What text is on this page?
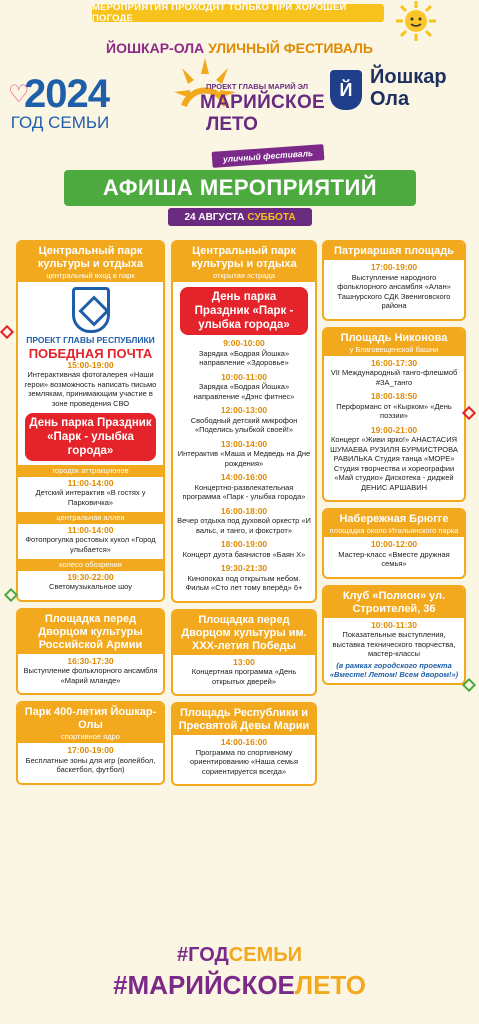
МЕРОПРИЯТИЯ ПРОХОДЯТ ТОЛЬКО ПРИ ХОРОШЕЙ ПОГОДЕ
ЙОШКАР-ОЛА УЛИЧНЫЙ ФЕСТИВАЛЬ
♡
2024
ГОД СЕМЬИ
ПРОЕКТ ГЛАВЫ МАРИЙ ЭЛ
МАРИЙСКОЕ
ЛЕТО
уличный фестиваль
Й
Йошкар
Ола
АФИША МЕРОПРИЯТИЙ
24 АВГУСТА СУББОТА
Центральный парк культуры и отдыха
центральный вход в парк
ПРОЕКТ ГЛАВЫ РЕСПУБЛИКИ
ПОБЕДНАЯ ПОЧТА
15:00-19:00
Интерактивная фотогалерея «Наши герои» возможность написать письмо землякам, принимающим участие в зоне проведения СВО
День парка Праздник «Парк - улыбка города»
городок аттракционов
11:00-14:00
Детский интерактив «В гостях у Парковичка»
центральная аллея
11:00-14:00
Фотопрогулка ростовых кукол «Город улыбается»
колесо обозрения
19:30-22:00
Светомузыкальное шоу
Площадка перед Дворцом культуры Российской Армии
16:30-17:30
Выступление фольклорного ансамбля «Марий мланде»
Парк 400-летия Йошкар-Олы
спортивное ядро
17:00-19:00
Бесплатные зоны для игр (волейбол, баскетбол, футбол)
Центральный парк культуры и отдыха
открытая эстрада
День парка Праздник «Парк - улыбка города»
9:00-10:00
Зарядка «Бодрая Йошка» направление «Здоровье»
10:00-11:00
Зарядка «Бодрая Йошка» направление «Дэнс фитнес»
12:00-13:00
Свободный детский микрофон «Поделись улыбкой своей!»
13:00-14:00
Интерактив «Маша и Медведь на Дне рождения»
14:00-16:00
Концертно-развлекательная программа «Парк - улыбка города»
16:00-18:00
Вечер отдыха под духовой оркестр «И вальс, и танго, и фокстрот»
18:00-19:00
Концерт дуэта баянистов «Баян Х»
19:30-21:30
Кинопоказ под открытым небом. Фильм «Сто лет тому вперёд» 6+
Площадка перед Дворцом культуры им. XXX-летия Победы
13:00
Концертная программа «День открытых дверей»
Площадь Республики и Пресвятой Девы Марии
14:00-16:00
Программа по спортивному ориентированию «Наша семья сориентируется всегда»
Патриаршая площадь
17:00-19:00
Выступление народного фольклорного ансамбля «Алан» Ташнурского СДК Звениговского района
Площадь Никонова
у Благовещенской башни
16:00-17:30
VII Международный танго-флешмоб #ЗА_танго
18:00-18:50
Перформанс от «Кырком» «День поэзии»
19:00-21:00
Концерт «Живи ярко!» АНАСТАСИЯ ШУМАЕВА РУЗИЛЯ БУРМИСТРОВА РАВИЛЬКА Студия танца «МОРЕ» Студия творчества и хореографии «Май студио» Дискотека - диджей ДЕНИС АРШАВИН
Набережная Брюгге
площадка около Итальянского парка
10:00-12:00
Мастер-класс «Вместе дружная семья»
Клуб «Полион» ул. Строителей, 36
10:00-11:30
Показательные выступления, выставка технического творчества, мастер-классы
(в рамках городского проекта «Вместе! Летом! Всем двором!»)
#ГОДСЕМЬИ
#МАРИЙСКОЕЛЕТО
